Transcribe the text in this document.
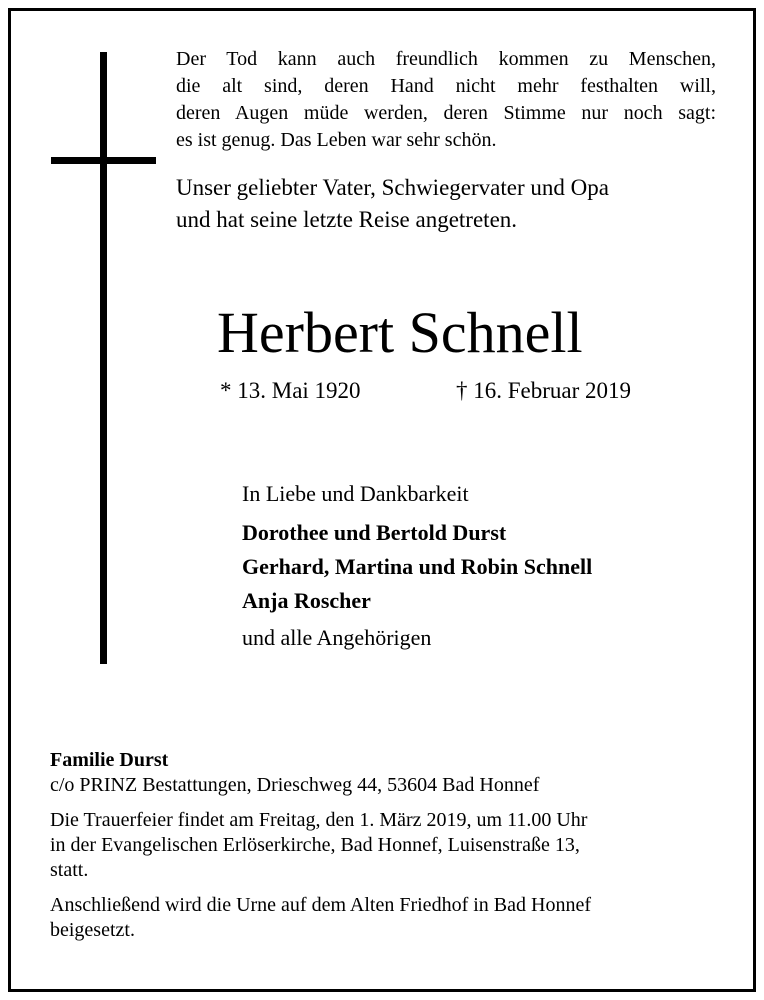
Der Tod kann auch freundlich kommen zu Menschen,
die alt sind, deren Hand nicht mehr festhalten will,
deren Augen müde werden, deren Stimme nur noch sagt:
es ist genug. Das Leben war sehr schön.
Unser geliebter Vater, Schwiegervater und Opa
und hat seine letzte Reise angetreten.
Herbert Schnell
* 13. Mai 1920	† 16. Februar 2019
In Liebe und Dankbarkeit
Dorothee und Bertold Durst
Gerhard, Martina und Robin Schnell
Anja Roscher
und alle Angehörigen
Familie Durst
c/o PRINZ Bestattungen, Drieschweg 44, 53604 Bad Honnef
Die Trauerfeier findet am Freitag, den 1. März 2019, um 11.00 Uhr
in der Evangelischen Erlöserkirche, Bad Honnef, Luisenstraße 13,
statt.
Anschließend wird die Urne auf dem Alten Friedhof in Bad Honnef
beigesetzt.
